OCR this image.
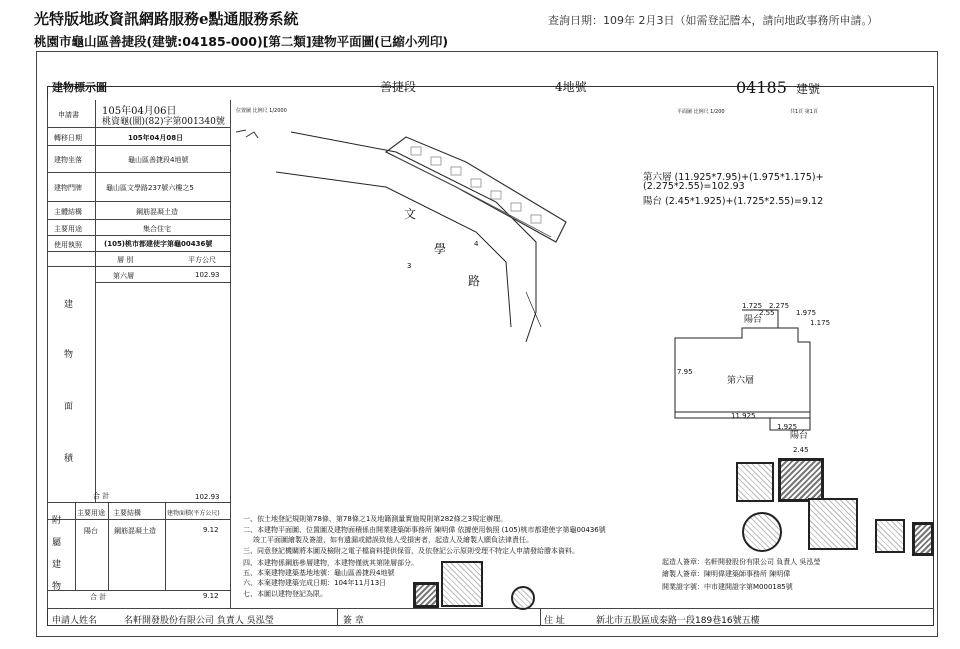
光特版地政資訊網路服務e點通服務系統
桃園市龜山區善捷段(建號:04185-000)[第二類]建物平面圖(已縮小列印)
查詢日期：109年 2月3日（如需登記謄本，請向地政事務所申請。）
建物標示圖	善捷段	4地號	04185 建號
申請書 105年04月06日
桃資龜(圖)(82)字第001340號
轉移日期	105年04月08日
建物坐落	龜山區善捷段4地號
建物門牌	龜山區文學路237號六樓之5
主體結構	鋼筋混凝土造
主要用途	集合住宅
使用執照	(105)桃市都建使字第龜00436號
層 別	平方公尺
第六層	102.93
建
物
面
積
合 計	102.93
附
屬
建
物
主要用途 主要結構	建物面積(平方公尺)
陽台 鋼筋混凝土造	9.12
合 計	9.12
位置圖 比例尺 1/2000
文
學
路
3
4
平面圖 比例尺 1/200	共1頁 第1頁
第六層 (11.925*7.95)+(1.975*1.175)+
(2.275*2.55)=102.93
陽台 (2.45*1.925)+(1.725*2.55)=9.12
1.725 2.275
1.975
2.55
1.175
7.95
陽台
第六層
11.925
1.925
陽台
2.45
一、依土地登記規則第78條、第78條之1及地籍測量實施規則第282條之3規定辦理。
二、本建物平面圖、位置圖及建物面積係由開業建築師事務所 陳明偉 依據使用執照 (105)桃市都建使字第龜00436號
竣工平面圖繪製及簽證，如有遺漏或錯誤致他人受損害者，起造人及繪製人願負法律責任。
三、同意登記機關將本圖及檢附之電子檔資料提供保管，及依登記公示原則受理不特定人申請發給謄本資料。
四、本建物係鋼筋參層建物，本建物僅就其第陸層部分。
五、本案建物建築基地地號：龜山區善捷段4地號
六、本案建物建築完成日期：104年11月13日
七、本圖以建物登記為限。
起造人簽章：名軒開發股份有限公司 負責人 吳泓瑩
繪製人簽章：陳明偉建築師事務所 陳明偉
開業證字號：中市建開證字第M000185號
申請人姓名	名軒開發股份有限公司 負責人 吳泓瑩	簽 章	住 址	新北市五股區成泰路一段189巷16號五樓
